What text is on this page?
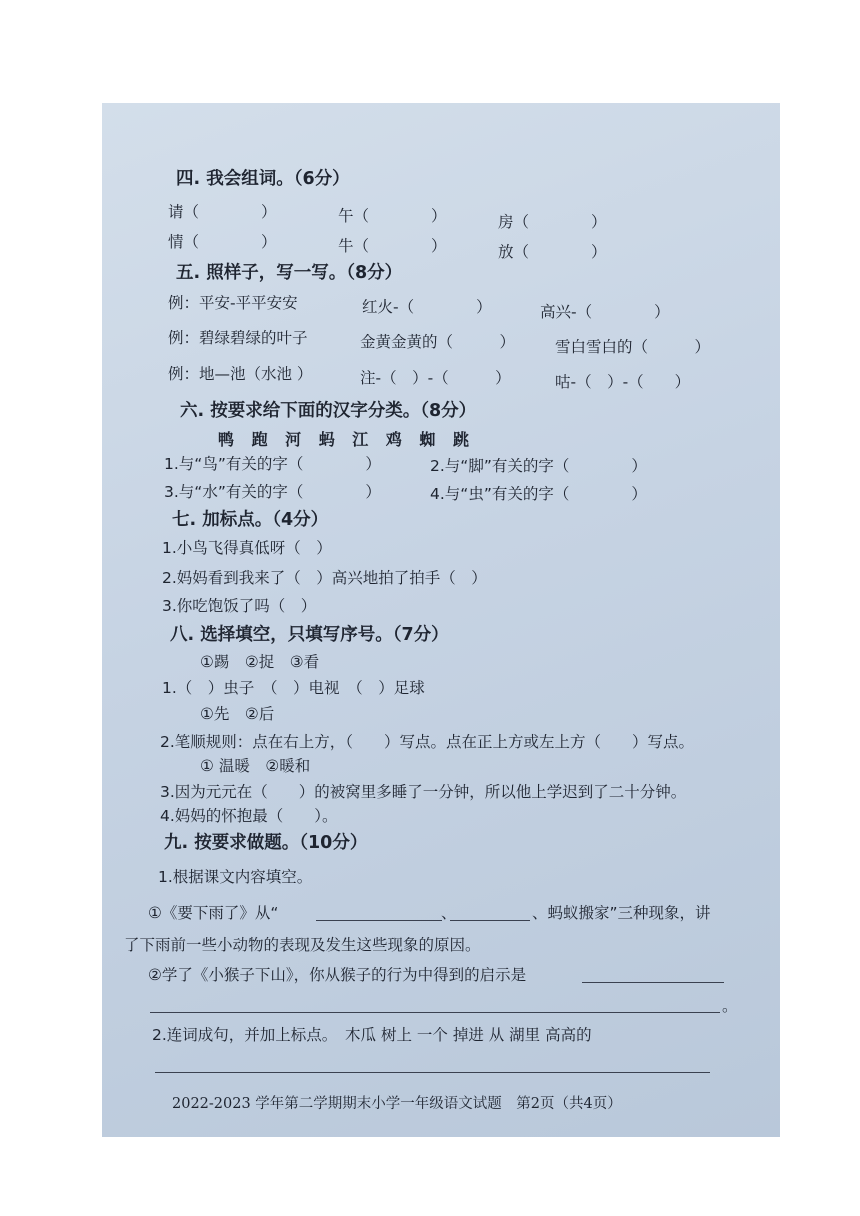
四. 我会组词。（6分）
请（　　　　）	午（　　　　）	房（　　　　）
情（　　　　）	牛（　　　　）	放（　　　　）
五. 照样子，写一写。（8分）
例：平安-平平安安	红火-（　　　　）	高兴-（　　　　）
例：碧绿碧绿的叶子	金黄金黄的（　　　）	雪白雪白的（　　　）
例：地—池（水池 ）	注-（　）-（　　　）	咕-（　）-（　　）
六. 按要求给下面的汉字分类。（8分）
鸭 跑 河 蚂 江 鸡 蜘 跳
1.与“鸟”有关的字（　　　　）	2.与“脚”有关的字（　　　　）
3.与“水”有关的字（　　　　）	4.与“虫”有关的字（　　　　）
七. 加标点。（4分）
1.小鸟飞得真低呀（　）
2.妈妈看到我来了（　）高兴地拍了拍手（　）
3.你吃饱饭了吗（　）
八. 选择填空，只填写序号。（7分）
①踢　②捉　③看
1.（　）虫子　（　）电视　（　）足球
①先　②后
2.笔顺规则：点在右上方，（　　）写点。点在正上方或左上方（　　）写点。
① 温暖　②暖和
3.因为元元在（　　）的被窝里多睡了一分钟，所以他上学迟到了二十分钟。
4.妈妈的怀抱最（　　）。
九. 按要求做题。（10分）
1.根据课文内容填空。
①《要下雨了》从“	、	、蚂蚁搬家”三种现象，讲
了下雨前一些小动物的表现及发生这些现象的原因。
②学了《小猴子下山》，你从猴子的行为中得到的启示是
。
2.连词成句，并加上标点。　木瓜 树上 一个 掉进 从 湖里 高高的
2022-2023 学年第二学期期末小学一年级语文试题　第2页（共4页）
